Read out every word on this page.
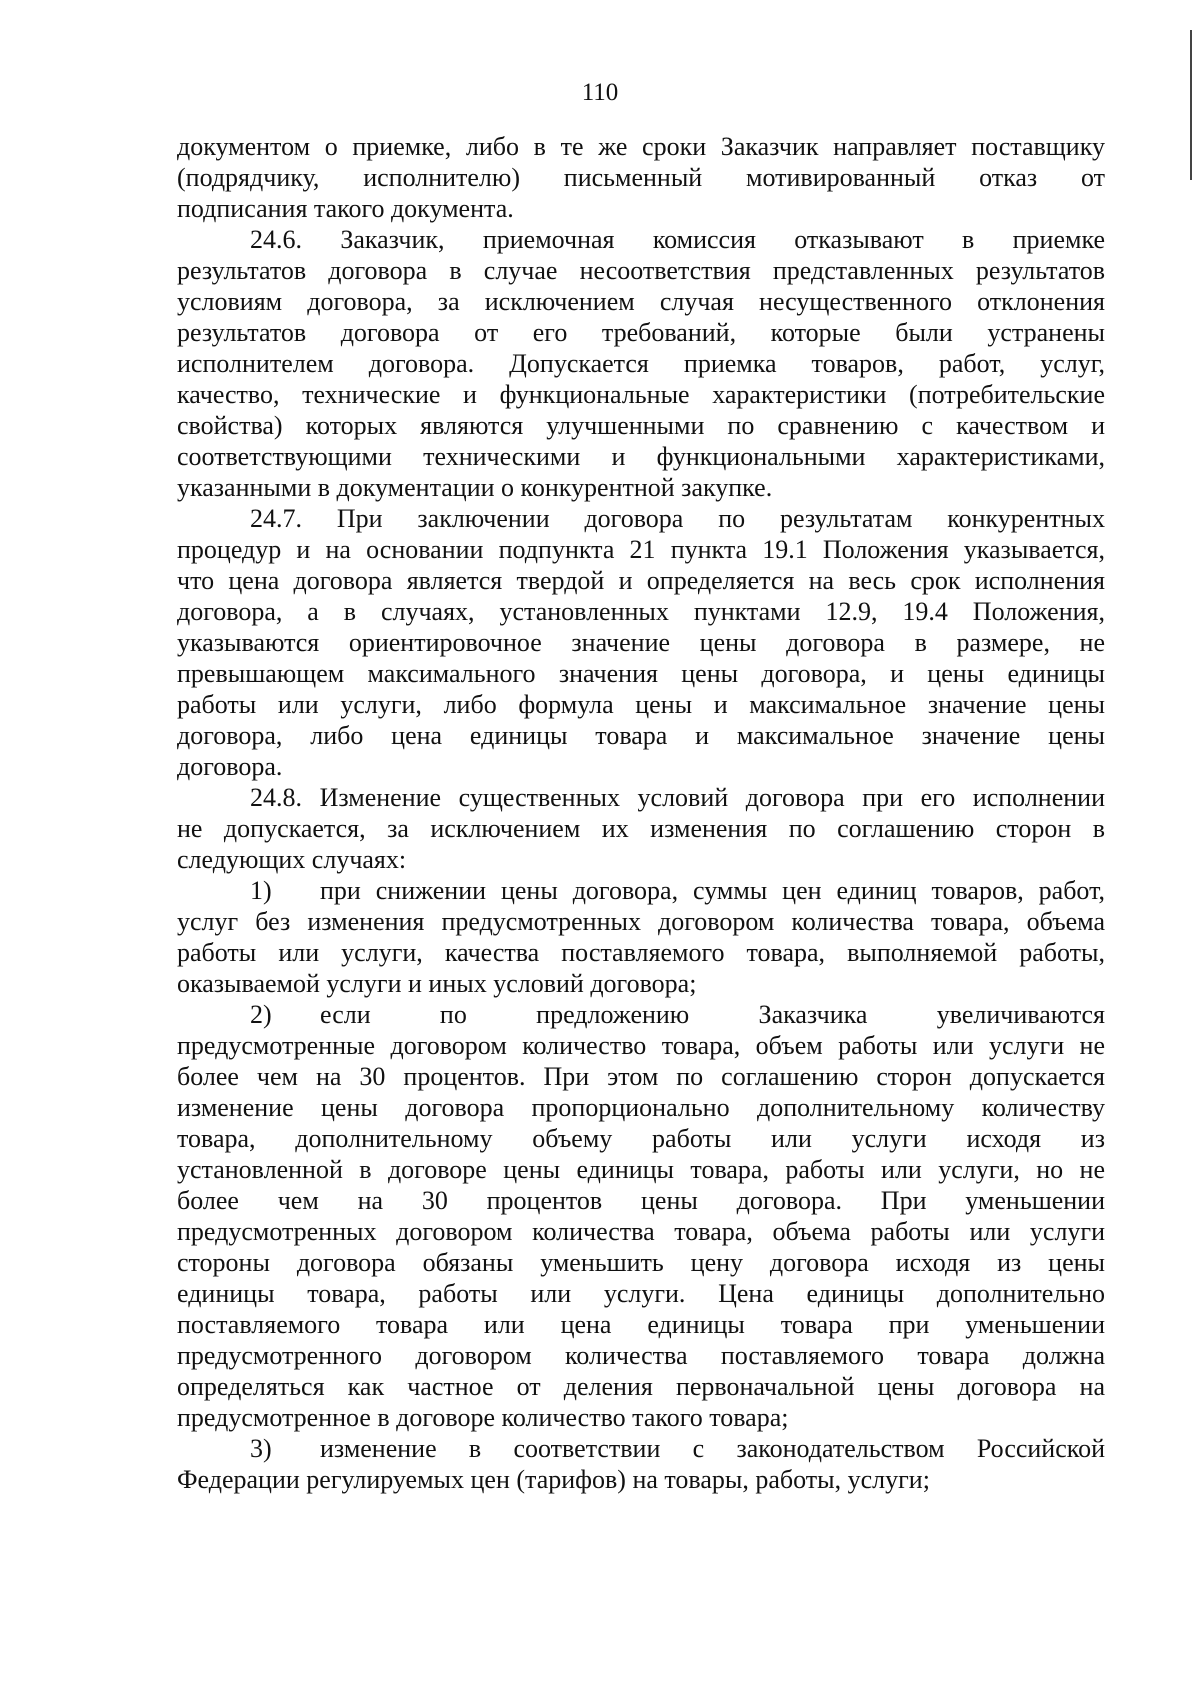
110
документом о приемке, либо в те же сроки Заказчик направляет поставщику
(подрядчику, исполнителю) письменный мотивированный отказ от
подписания такого документа.
24.6. Заказчик, приемочная комиссия отказывают в приемке
результатов договора в случае несоответствия представленных результатов
условиям договора, за исключением случая несущественного отклонения
результатов договора от его требований, которые были устранены
исполнителем договора. Допускается приемка товаров, работ, услуг,
качество, технические и функциональные характеристики (потребительские
свойства) которых являются улучшенными по сравнению с качеством и
соответствующими техническими и функциональными характеристиками,
указанными в документации о конкурентной закупке.
24.7. При заключении договора по результатам конкурентных
процедур и на основании подпункта 21 пункта 19.1 Положения указывается,
что цена договора является твердой и определяется на весь срок исполнения
договора, а в случаях, установленных пунктами 12.9, 19.4 Положения,
указываются ориентировочное значение цены договора в размере, не
превышающем максимального значения цены договора, и цены единицы
работы или услуги, либо формула цены и максимальное значение цены
договора, либо цена единицы товара и максимальное значение цены
договора.
24.8. Изменение существенных условий договора при его исполнении
не допускается, за исключением их изменения по соглашению сторон в
следующих случаях:
1)	при снижении цены договора, суммы цен единиц товаров, работ,
услуг без изменения предусмотренных договором количества товара, объема
работы или услуги, качества поставляемого товара, выполняемой работы,
оказываемой услуги и иных условий договора;
2)	если по предложению Заказчика увеличиваются
предусмотренные договором количество товара, объем работы или услуги не
более чем на 30 процентов. При этом по соглашению сторон допускается
изменение цены договора пропорционально дополнительному количеству
товара, дополнительному объему работы или услуги исходя из
установленной в договоре цены единицы товара, работы или услуги, но не
более чем на 30 процентов цены договора. При уменьшении
предусмотренных договором количества товара, объема работы или услуги
стороны договора обязаны уменьшить цену договора исходя из цены
единицы товара, работы или услуги. Цена единицы дополнительно
поставляемого товара или цена единицы товара при уменьшении
предусмотренного договором количества поставляемого товара должна
определяться как частное от деления первоначальной цены договора на
предусмотренное в договоре количество такого товара;
3)	изменение в соответствии с законодательством Российской
Федерации регулируемых цен (тарифов) на товары, работы, услуги;
